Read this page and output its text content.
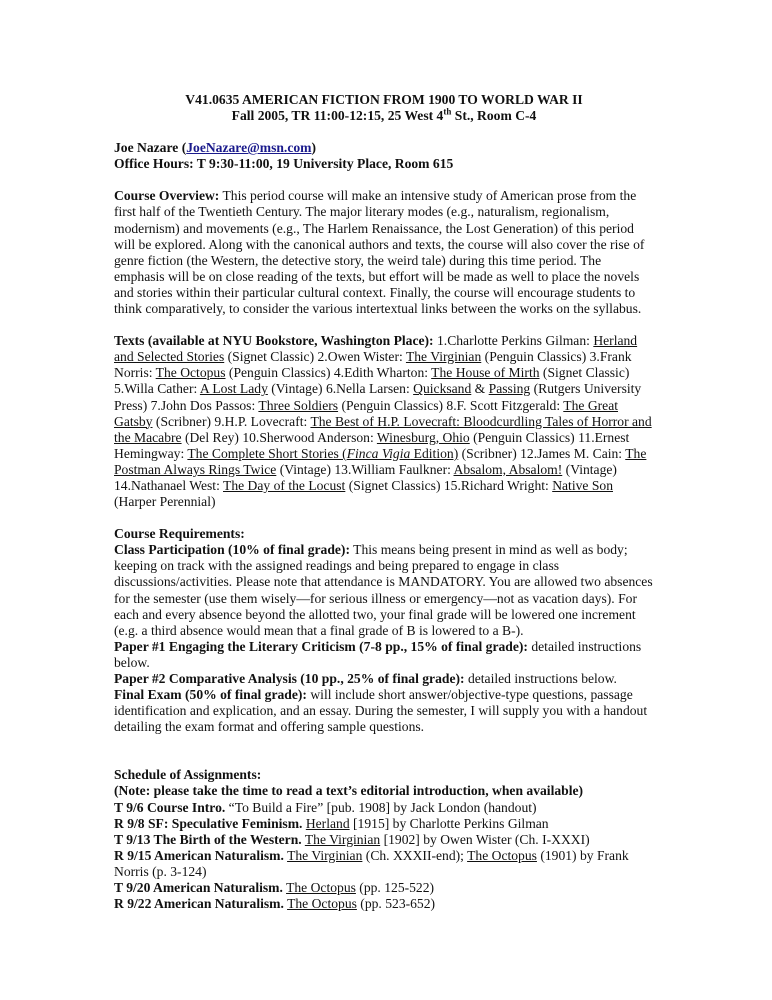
V41.0635 AMERICAN FICTION FROM 1900 TO WORLD WAR II
Fall 2005, TR 11:00-12:15, 25 West 4th St., Room C-4

Joe Nazare (JoeNazare@msn.com)
Office Hours: T 9:30-11:00, 19 University Place, Room 615

Course Overview: This period course will make an intensive study of American prose from the first half of the Twentieth Century. The major literary modes (e.g., naturalism, regionalism, modernism) and movements (e.g., The Harlem Renaissance, the Lost Generation) of this period will be explored. Along with the canonical authors and texts, the course will also cover the rise of genre fiction (the Western, the detective story, the weird tale) during this time period. The emphasis will be on close reading of the texts, but effort will be made as well to place the novels and stories within their particular cultural context. Finally, the course will encourage students to think comparatively, to consider the various intertextual links between the works on the syllabus.

Texts (available at NYU Bookstore, Washington Place): 1.Charlotte Perkins Gilman: Herland and Selected Stories (Signet Classic) 2.Owen Wister: The Virginian (Penguin Classics) 3.Frank Norris: The Octopus (Penguin Classics) 4.Edith Wharton: The House of Mirth (Signet Classic) 5.Willa Cather: A Lost Lady (Vintage) 6.Nella Larsen: Quicksand & Passing (Rutgers University Press) 7.John Dos Passos: Three Soldiers (Penguin Classics) 8.F. Scott Fitzgerald: The Great Gatsby (Scribner) 9.H.P. Lovecraft: The Best of H.P. Lovecraft: Bloodcurdling Tales of Horror and the Macabre (Del Rey) 10.Sherwood Anderson: Winesburg, Ohio (Penguin Classics) 11.Ernest Hemingway: The Complete Short Stories (Finca Vigia Edition) (Scribner) 12.James M. Cain: The Postman Always Rings Twice (Vintage) 13.William Faulkner: Absalom, Absalom! (Vintage) 14.Nathanael West: The Day of the Locust (Signet Classics) 15.Richard Wright: Native Son (Harper Perennial)

Course Requirements:
Class Participation (10% of final grade): This means being present in mind as well as body; keeping on track with the assigned readings and being prepared to engage in class discussions/activities. Please note that attendance is MANDATORY. You are allowed two absences for the semester (use them wisely—for serious illness or emergency—not as vacation days). For each and every absence beyond the allotted two, your final grade will be lowered one increment (e.g. a third absence would mean that a final grade of B is lowered to a B-).
Paper #1 Engaging the Literary Criticism (7-8 pp., 15% of final grade): detailed instructions below.
Paper #2 Comparative Analysis (10 pp., 25% of final grade): detailed instructions below.
Final Exam (50% of final grade): will include short answer/objective-type questions, passage identification and explication, and an essay. During the semester, I will supply you with a handout detailing the exam format and offering sample questions.

Schedule of Assignments:
(Note: please take the time to read a text’s editorial introduction, when available)
T 9/6 Course Intro. “To Build a Fire” [pub. 1908] by Jack London (handout)
R 9/8 SF: Speculative Feminism. Herland [1915] by Charlotte Perkins Gilman
T 9/13 The Birth of the Western. The Virginian [1902] by Owen Wister (Ch. I-XXXI)
R 9/15 American Naturalism. The Virginian (Ch. XXXII-end); The Octopus (1901) by Frank Norris (p. 3-124)
T 9/20 American Naturalism. The Octopus (pp. 125-522)
R 9/22 American Naturalism. The Octopus (pp. 523-652)
